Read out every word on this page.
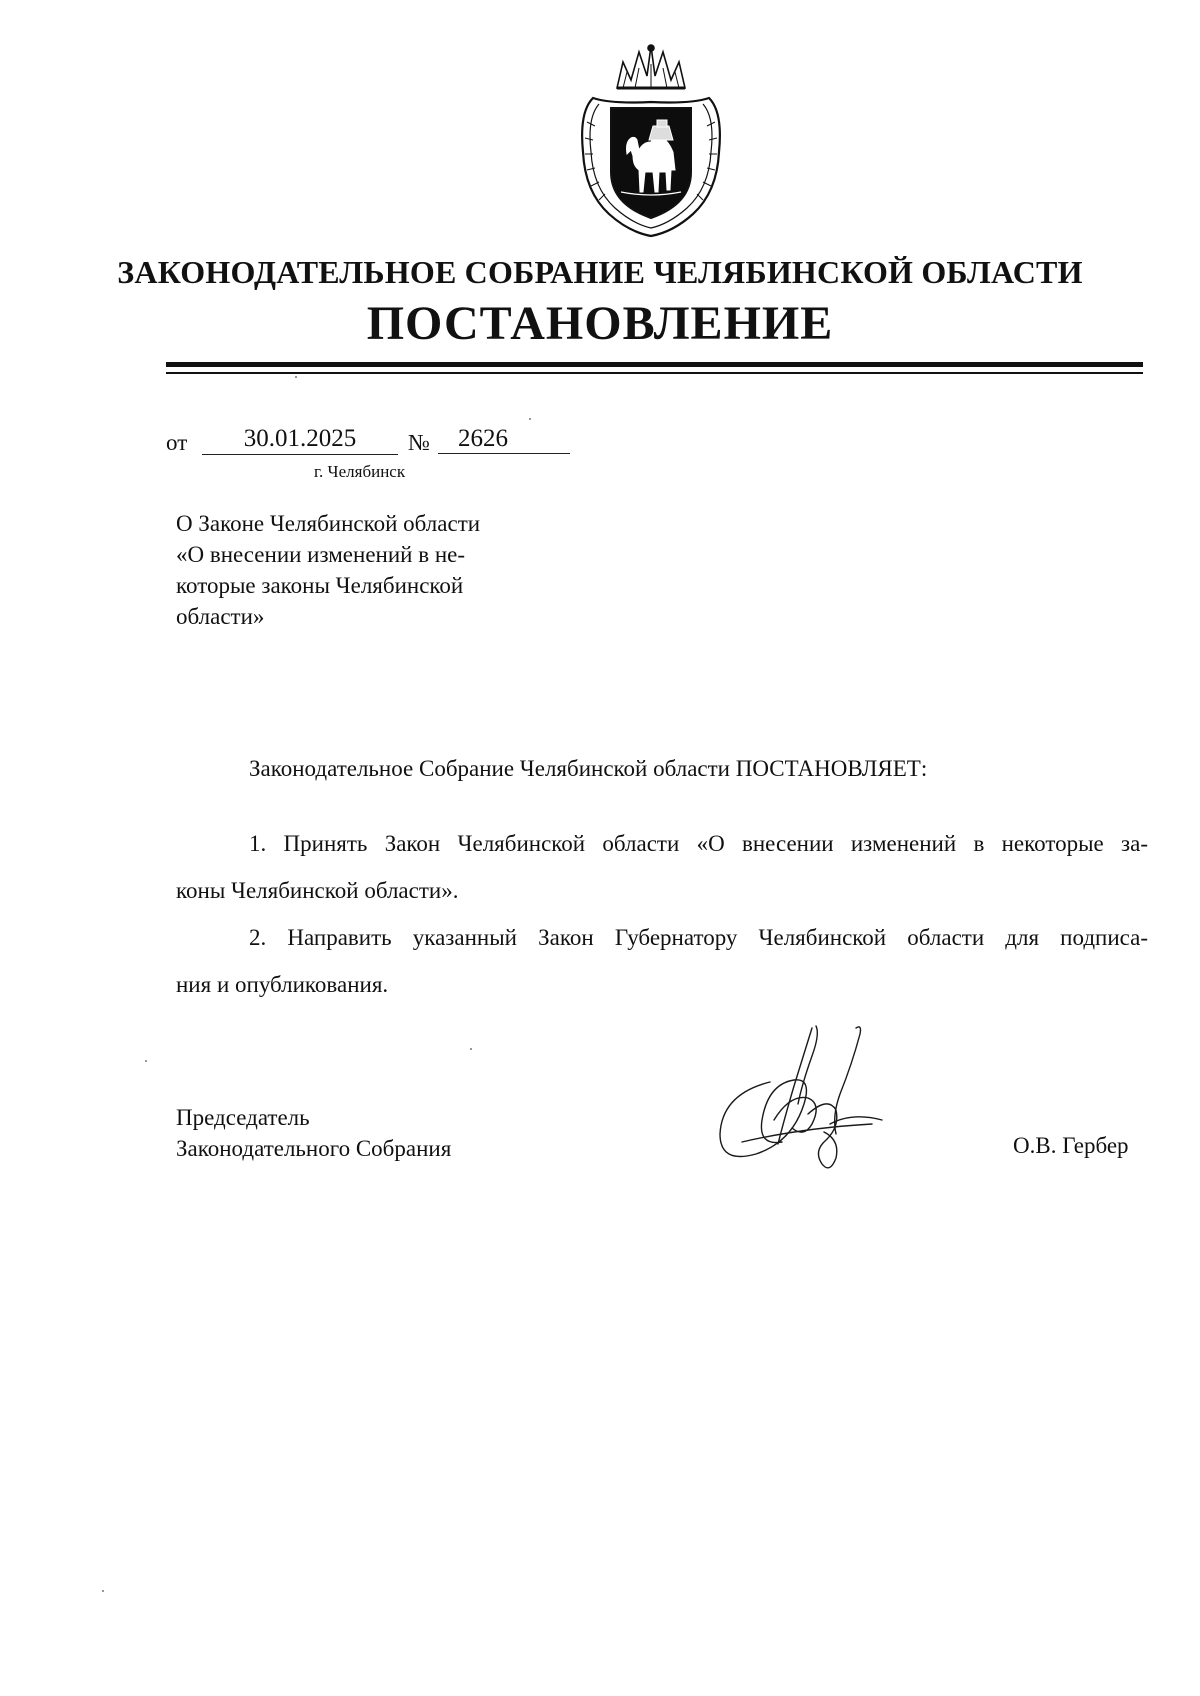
ЗАКОНОДАТЕЛЬНОЕ СОБРАНИЕ ЧЕЛЯБИНСКОЙ ОБЛАСТИ
ПОСТАНОВЛЕНИЕ
от	30.01.2025	№	2626
г. Челябинск
О Законе Челябинской области
«О внесении изменений в не-
которые законы Челябинской
области»
Законодательное Собрание Челябинской области ПОСТАНОВЛЯЕТ:
1. Принять Закон Челябинской области «О внесении изменений в некоторые за-
коны Челябинской области».
2. Направить указанный Закон Губернатору Челябинской области для подписа-
ния и опубликования.
Председатель
Законодательного Собрания	О.В. Гербер
